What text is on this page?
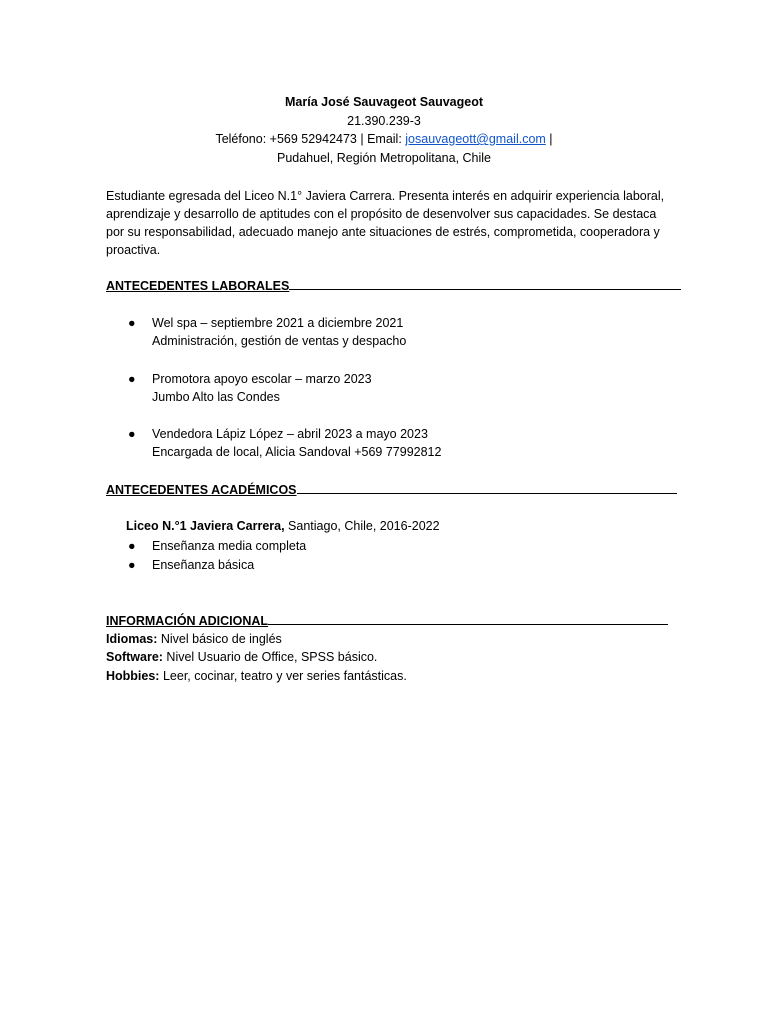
María José Sauvageot Sauvageot
21.390.239-3
Teléfono: +569 52942473 | Email: josauvageott@gmail.com |
Pudahuel, Región Metropolitana, Chile
Estudiante egresada del Liceo N.1° Javiera Carrera. Presenta interés en adquirir experiencia laboral, aprendizaje y desarrollo de aptitudes con el propósito de desenvolver sus capacidades. Se destaca por su responsabilidad, adecuado manejo ante situaciones de estrés, comprometida, cooperadora y proactiva.
ANTECEDENTES LABORALES
● Wel spa – septiembre 2021 a diciembre 2021
Administración, gestión de ventas y despacho
● Promotora apoyo escolar – marzo 2023
Jumbo Alto las Condes
● Vendedora Lápiz López – abril 2023 a mayo 2023
Encargada de local, Alicia Sandoval +569 77992812
ANTECEDENTES ACADÉMICOS
Liceo N.°1 Javiera Carrera, Santiago, Chile, 2016-2022
● Enseñanza media completa
● Enseñanza básica
INFORMACIÓN ADICIONAL
Idiomas: Nivel básico de inglés
Software: Nivel Usuario de Office, SPSS básico.
Hobbies: Leer, cocinar, teatro y ver series fantásticas.
